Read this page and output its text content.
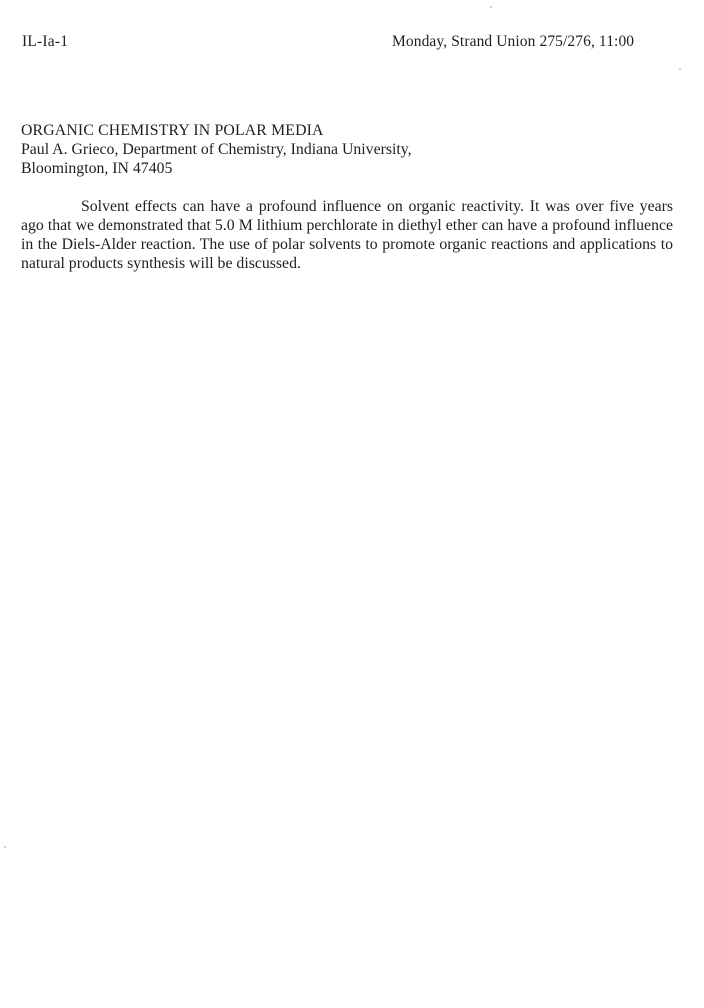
IL-Ia-1	Monday, Strand Union 275/276, 11:00

ORGANIC CHEMISTRY IN POLAR MEDIA

Paul A. Grieco, Department of Chemistry, Indiana University,

Bloomington, IN 47405

Solvent effects can have a profound influence on organic reactivity. It was over five years ago that we demonstrated that 5.0 M lithium perchlorate in diethyl ether can have a profound influence in the Diels-Alder reaction. The use of polar solvents to promote organic reactions and applications to natural products synthesis will be discussed.
